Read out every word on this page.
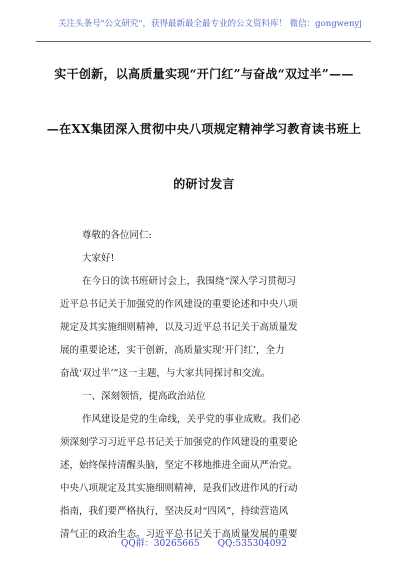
关注头条号"公文研究"，获得最新最全最专业的公文资料库！ 微信：gongwenyj
实干创新，以高质量实现“开门红”与奋战“双过半”——
—在XX集团深入贯彻中央八项规定精神学习教育读书班上
的研讨发言
尊敬的各位同仁:
大家好!
在今日的读书班研讨会上，我围绕“深入学习贯彻习
近平总书记关于加强党的作风建设的重要论述和中央八项
规定及其实施细则精神，以及习近平总书记关于高质量发
展的重要论述，实干创新，高质量实现‘开门红’，全力
奋战‘双过半’”这一主题，与大家共同探讨和交流。
一、深刻领悟，提高政治站位
作风建设是党的生命线，关乎党的事业成败。我们必
须深刻学习习近平总书记关于加强党的作风建设的重要论
述，始终保持清醒头脑，坚定不移地推进全面从严治党。
中央八项规定及其实施细则精神，是我们改进作风的行动
指南，我们要严格执行，坚决反对“四风”，持续营造风
清气正的政治生态。习近平总书记关于高质量发展的重要
QQ群：30265665　　QQ:535304092
